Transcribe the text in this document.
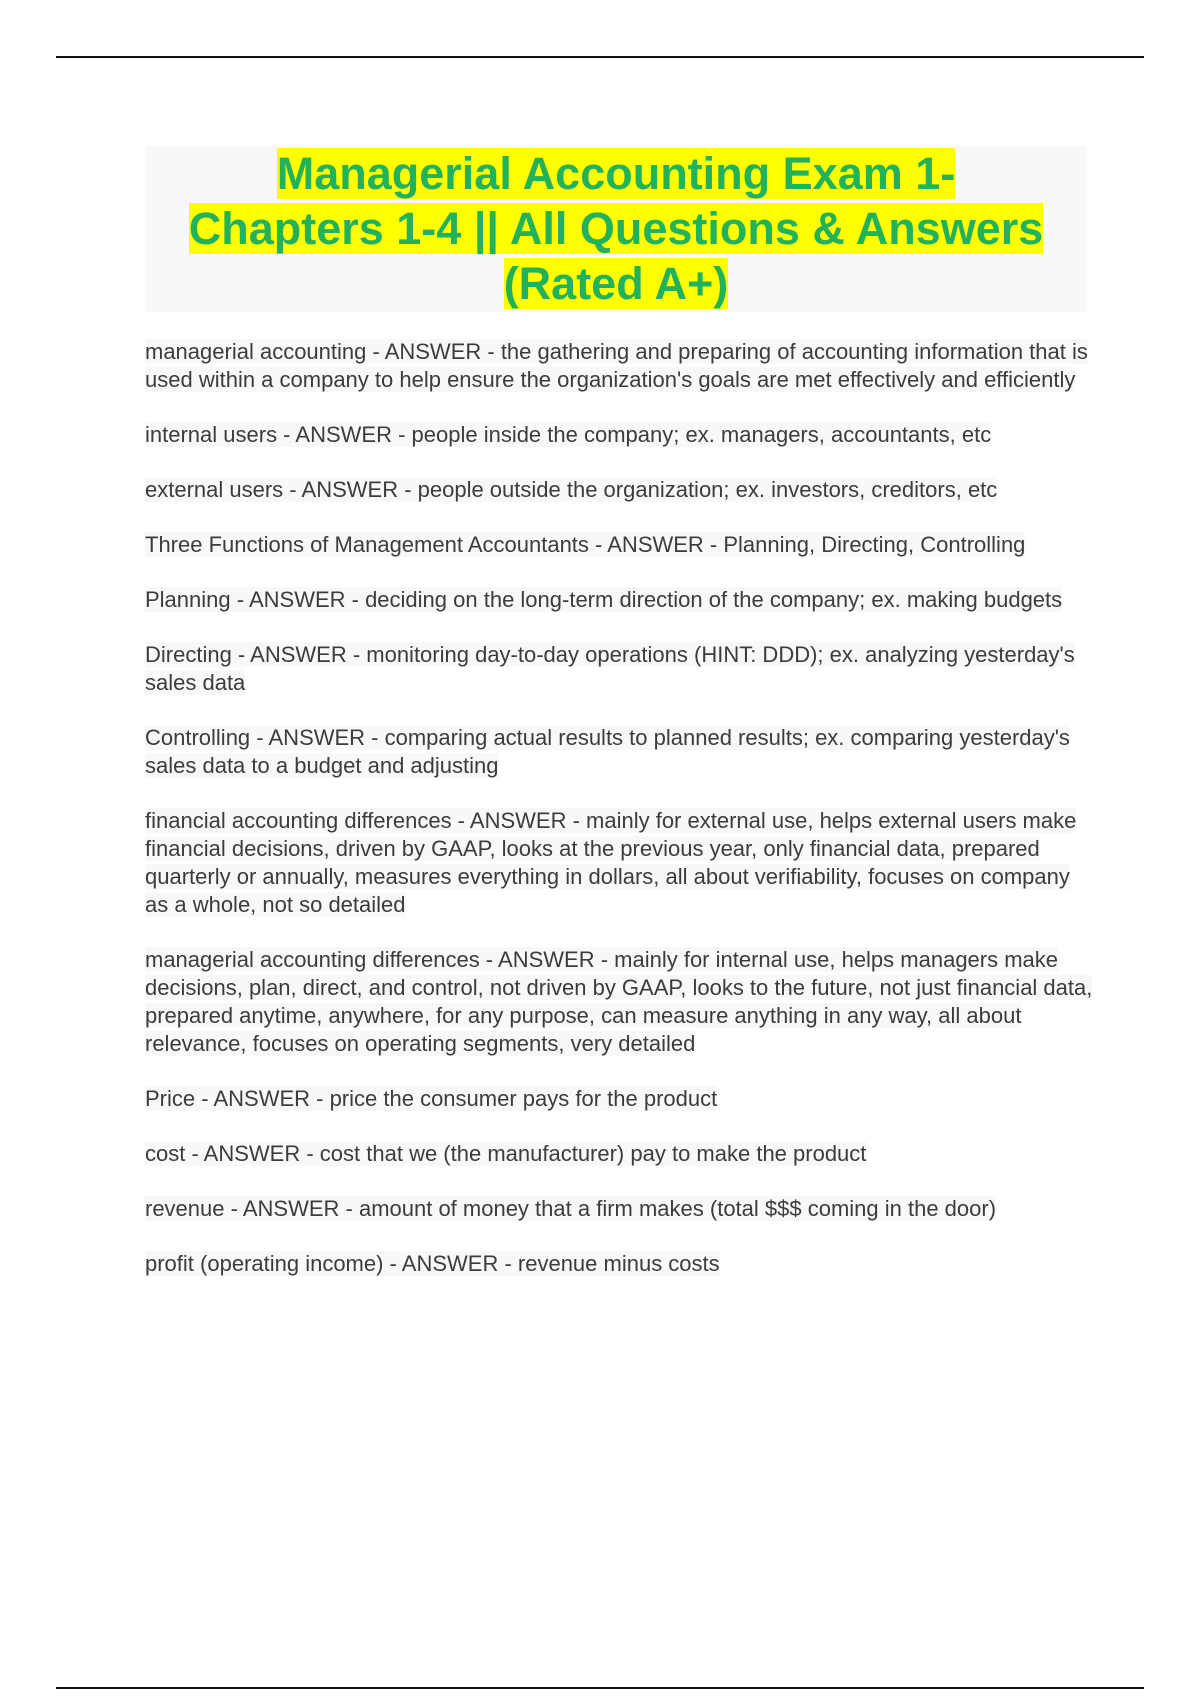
Managerial Accounting Exam 1-
Chapters 1-4 || All Questions & Answers
(Rated A+)

managerial accounting - ANSWER - the gathering and preparing of accounting information that is used within a company to help ensure the organization's goals are met effectively and efficiently

internal users - ANSWER - people inside the company; ex. managers, accountants, etc

external users - ANSWER - people outside the organization; ex. investors, creditors, etc

Three Functions of Management Accountants - ANSWER - Planning, Directing, Controlling

Planning - ANSWER - deciding on the long-term direction of the company; ex. making budgets

Directing - ANSWER - monitoring day-to-day operations (HINT: DDD); ex. analyzing yesterday's sales data

Controlling - ANSWER - comparing actual results to planned results; ex. comparing yesterday's sales data to a budget and adjusting

financial accounting differences - ANSWER - mainly for external use, helps external users make financial decisions, driven by GAAP, looks at the previous year, only financial data, prepared quarterly or annually, measures everything in dollars, all about verifiability, focuses on company as a whole, not so detailed

managerial accounting differences - ANSWER - mainly for internal use, helps managers make decisions, plan, direct, and control, not driven by GAAP, looks to the future, not just financial data, prepared anytime, anywhere, for any purpose, can measure anything in any way, all about relevance, focuses on operating segments, very detailed

Price - ANSWER - price the consumer pays for the product

cost - ANSWER - cost that we (the manufacturer) pay to make the product

revenue - ANSWER - amount of money that a firm makes (total $$$ coming in the door)

profit (operating income) - ANSWER - revenue minus costs
